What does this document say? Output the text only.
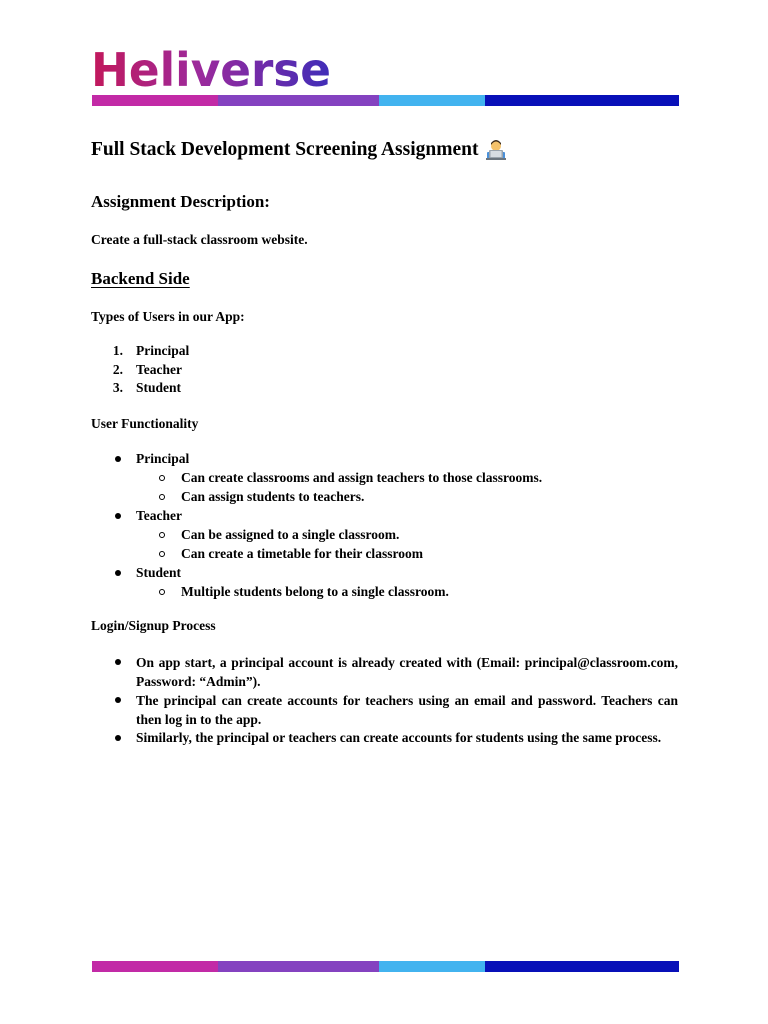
Heliverse
Full Stack Development Screening Assignment
Assignment Description:
Create a full-stack classroom website.
Backend Side
Types of Users in our App:
1. Principal
2. Teacher
3. Student
User Functionality
Principal
Can create classrooms and assign teachers to those classrooms.
Can assign students to teachers.
Teacher
Can be assigned to a single classroom.
Can create a timetable for their classroom
Student
Multiple students belong to a single classroom.
Login/Signup Process
On app start, a principal account is already created with (Email: principal@classroom.com,
Password: “Admin”).
The principal can create accounts for teachers using an email and password. Teachers can
then log in to the app.
Similarly, the principal or teachers can create accounts for students using the same process.
